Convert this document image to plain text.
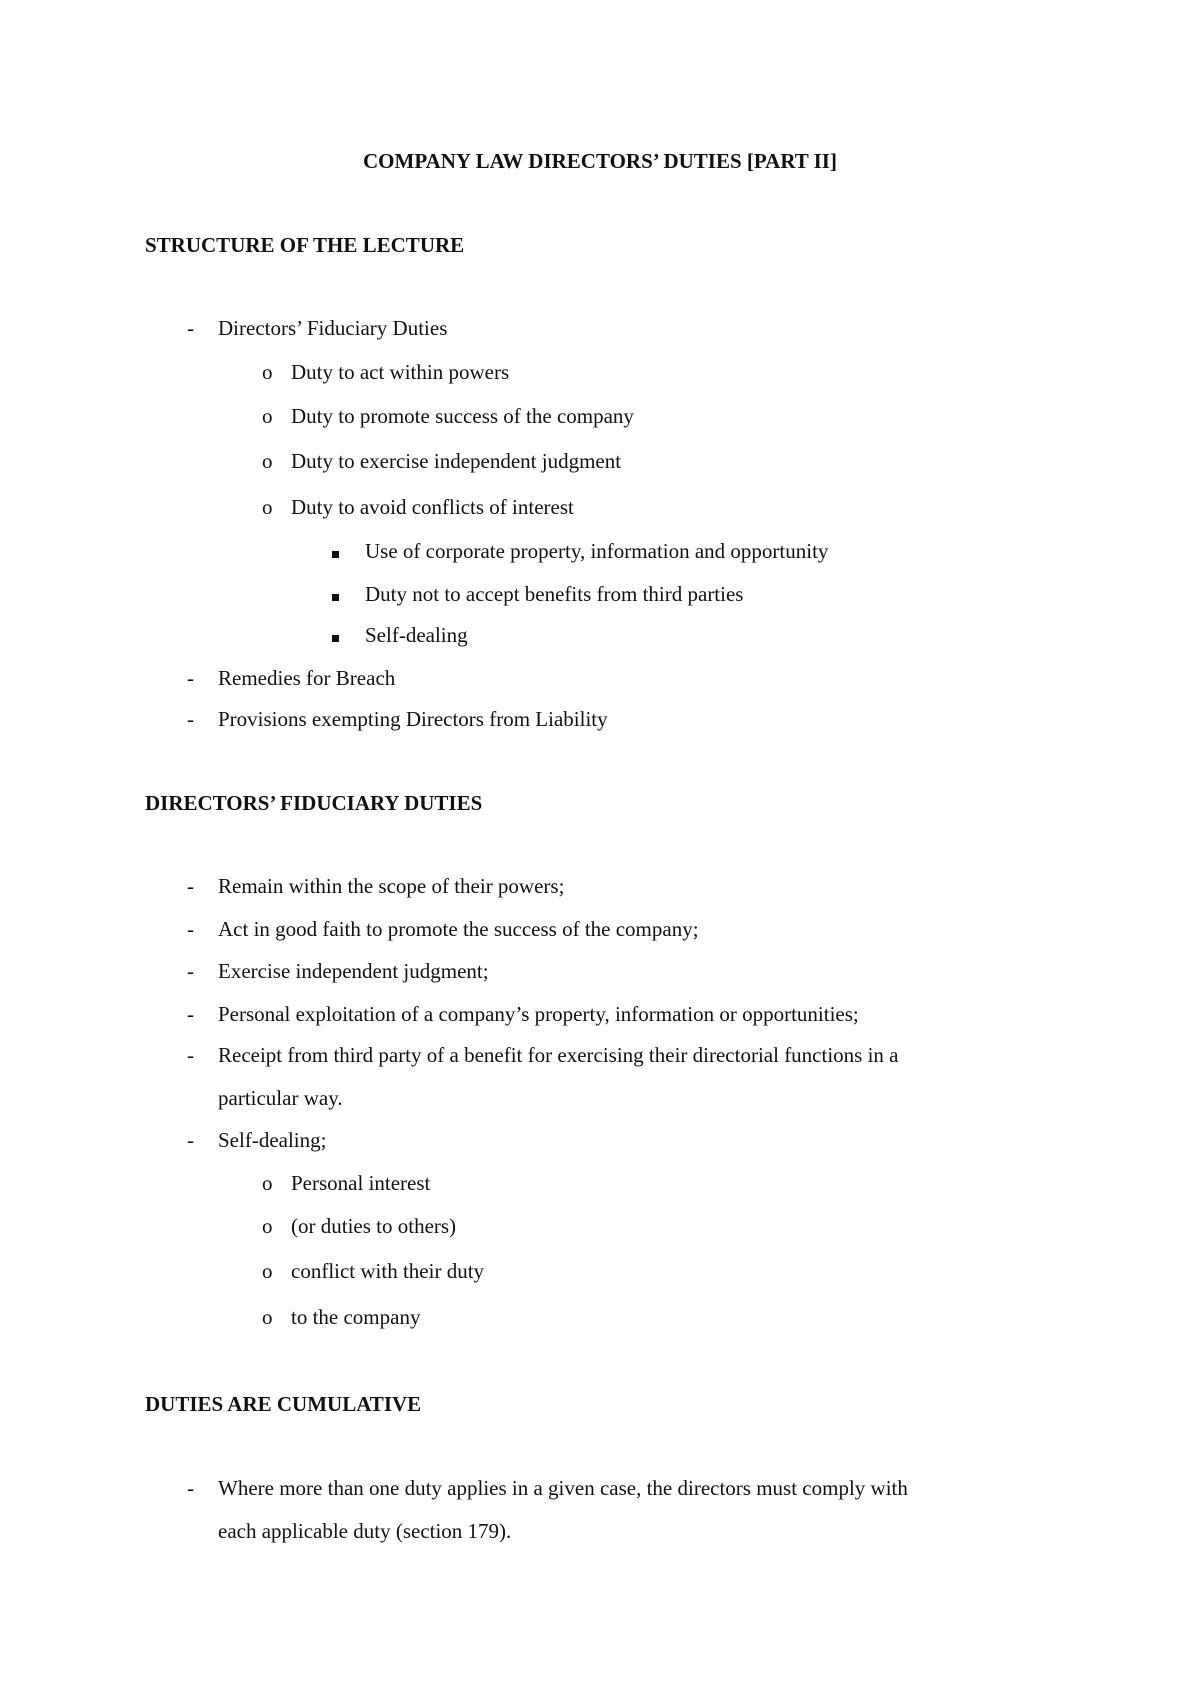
COMPANY LAW DIRECTORS’ DUTIES [PART II]
STRUCTURE OF THE LECTURE
- Directors’ Fiduciary Duties
o Duty to act within powers
o Duty to promote success of the company
o Duty to exercise independent judgment
o Duty to avoid conflicts of interest
Use of corporate property, information and opportunity
Duty not to accept benefits from third parties
Self-dealing
- Remedies for Breach
- Provisions exempting Directors from Liability
DIRECTORS’ FIDUCIARY DUTIES
- Remain within the scope of their powers;
- Act in good faith to promote the success of the company;
- Exercise independent judgment;
- Personal exploitation of a company’s property, information or opportunities;
- Receipt from third party of a benefit for exercising their directorial functions in a
particular way.
- Self-dealing;
o Personal interest
o (or duties to others)
o conflict with their duty
o to the company
DUTIES ARE CUMULATIVE
- Where more than one duty applies in a given case, the directors must comply with
each applicable duty (section 179).
